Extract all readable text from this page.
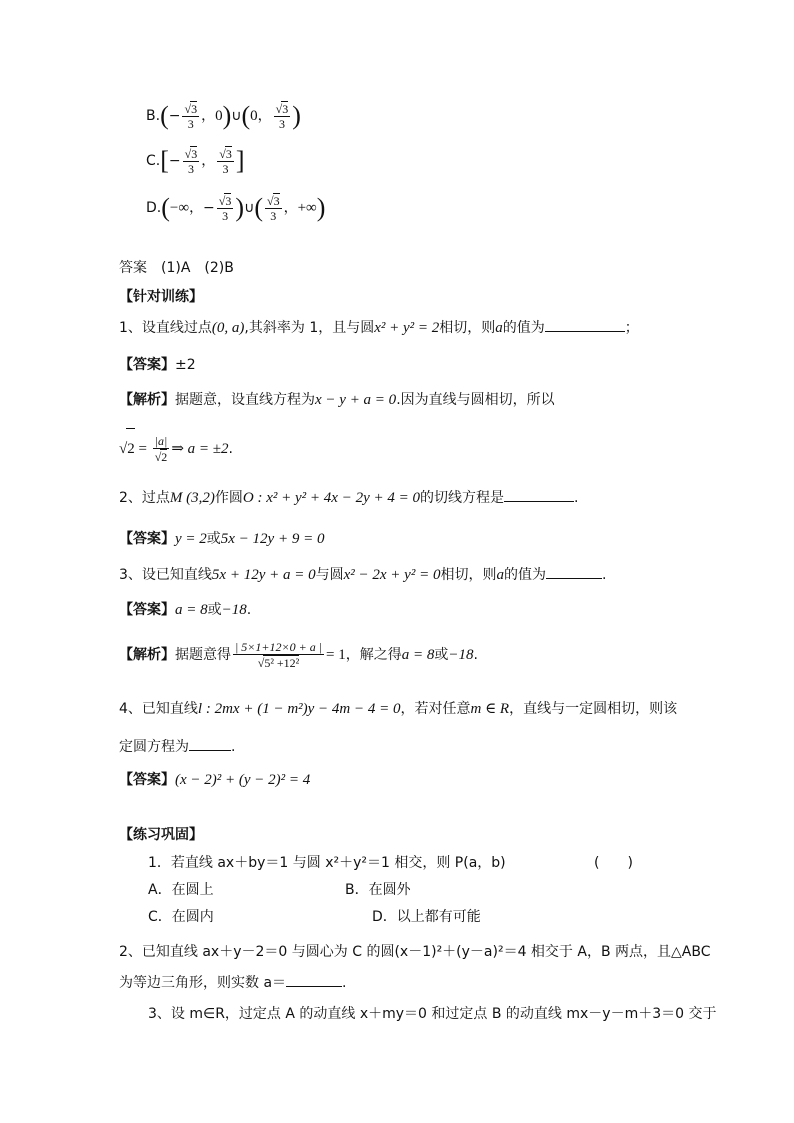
$B.(- \frac{√3}{3}$ ，0)∪(0， $\frac{√3}{3}$ )
$C.[- \frac{√3}{3}$ ， $\frac{√3}{3}$ ]
D.(−∞，− $\frac{√3}{3}$ )∪( $\frac{√3}{3}$ ，+∞)
答案　(1)A　(2)B
【针对训练】
1、设直线过点(0, a),其斜率为 1，且与圆x² + y² = 2相切，则a的值为	；
【答案】±2
【解析】据题意，设直线方程为x − y + a = 0.因为直线与圆相切，所以
$√2 = \frac{|a|}{√2}$ ⇒ a = ±2.
2、过点M (3,2)作圆O : x² + y² + 4x − 2y + 4 = 0的切线方程是	.
【答案】y = 2或5x − 12y + 9 = 0
3、设已知直线5x + 12y + a = 0与圆x² − 2x + y² = 0相切，则a的值为	.
【答案】a = 8或−18.
【解析】据题意得 $\frac{| 5\times 1+12\times 0 + a |}{\text{√5² +12²}} = 1$，解之得a = 8或−18.
4、已知直线l : 2mx + (1 − m²)y − 4m − 4 = 0，若对任意m ∈ R，直线与一定圆相切，则该
定圆方程为	.
【答案】(x − 2)² + (y − 2)² = 4
【练习巩固】
1．若直线 ax＋by＝1 与圆 x²＋y²＝1 相交，则 P(a，b)	(　　)
A．在圆上	B．在圆外
C．在圆内	D．以上都有可能
2、已知直线 ax＋y－2＝0 与圆心为 C 的圆(x－1)²＋(y－a)²＝4 相交于 A，B 两点，且△ABC
为等边三角形，则实数 a＝	.
3、设 m∈R，过定点 A 的动直线 x＋my＝0 和过定点 B 的动直线 mx－y－m＋3＝0 交于
